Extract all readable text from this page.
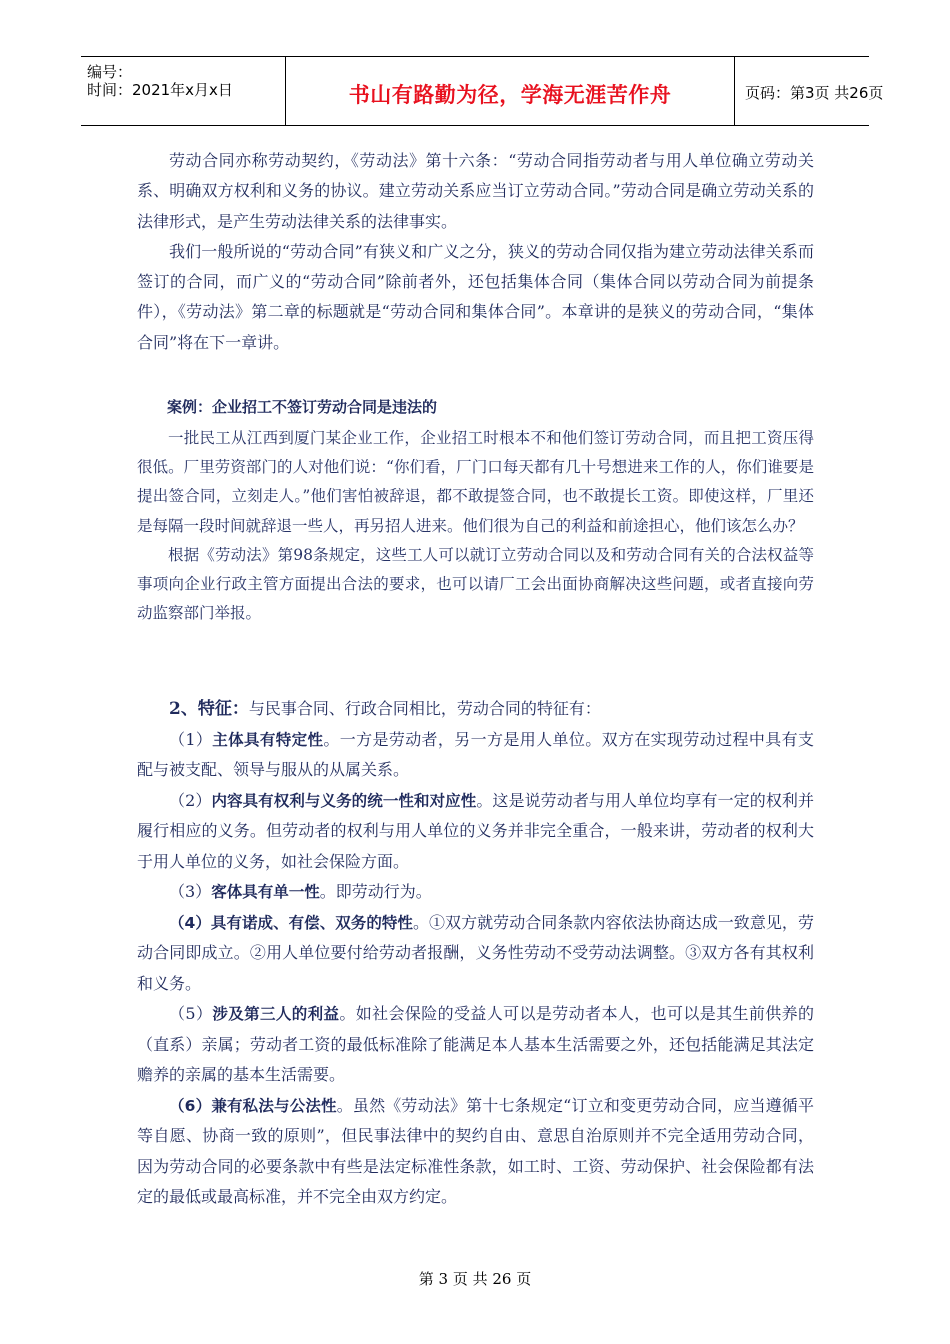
编号：
时间：2021年x月x日	书山有路勤为径，学海无涯苦作舟	页码：第3页 共26页

劳动合同亦称劳动契约，《劳动法》第十六条：“劳动合同指劳动者与用人单位确立劳动关系、明确双方权利和义务的协议。建立劳动关系应当订立劳动合同。”劳动合同是确立劳动关系的法律形式，是产生劳动法律关系的法律事实。

我们一般所说的“劳动合同”有狭义和广义之分，狭义的劳动合同仅指为建立劳动法律关系而签订的合同，而广义的“劳动合同”除前者外，还包括集体合同（集体合同以劳动合同为前提条件），《劳动法》第二章的标题就是“劳动合同和集体合同”。本章讲的是狭义的劳动合同，“集体合同”将在下一章讲。

案例：企业招工不签订劳动合同是违法的

一批民工从江西到厦门某企业工作，企业招工时根本不和他们签订劳动合同，而且把工资压得很低。厂里劳资部门的人对他们说：“你们看，厂门口每天都有几十号想进来工作的人，你们谁要是提出签合同，立刻走人。”他们害怕被辞退，都不敢提签合同，也不敢提长工资。即使这样，厂里还是每隔一段时间就辞退一些人，再另招人进来。他们很为自己的利益和前途担心，他们该怎么办？

根据《劳动法》第98条规定，这些工人可以就订立劳动合同以及和劳动合同有关的合法权益等事项向企业行政主管方面提出合法的要求，也可以请厂工会出面协商解决这些问题，或者直接向劳动监察部门举报。

2、特征：与民事合同、行政合同相比，劳动合同的特征有：

（1）主体具有特定性。一方是劳动者，另一方是用人单位。双方在实现劳动过程中具有支配与被支配、领导与服从的从属关系。

（2）内容具有权利与义务的统一性和对应性。这是说劳动者与用人单位均享有一定的权利并履行相应的义务。但劳动者的权利与用人单位的义务并非完全重合，一般来讲，劳动者的权利大于用人单位的义务，如社会保险方面。

（3）客体具有单一性。即劳动行为。

（4）具有诺成、有偿、双务的特性。①双方就劳动合同条款内容依法协商达成一致意见，劳动合同即成立。②用人单位要付给劳动者报酬，义务性劳动不受劳动法调整。③双方各有其权利和义务。

（5）涉及第三人的利益。如社会保险的受益人可以是劳动者本人，也可以是其生前供养的（直系）亲属；劳动者工资的最低标准除了能满足本人基本生活需要之外，还包括能满足其法定赡养的亲属的基本生活需要。

（6）兼有私法与公法性。虽然《劳动法》第十七条规定“订立和变更劳动合同，应当遵循平等自愿、协商一致的原则”，但民事法律中的契约自由、意思自治原则并不完全适用劳动合同，因为劳动合同的必要条款中有些是法定标准性条款，如工时、工资、劳动保护、社会保险都有法定的最低或最高标准，并不完全由双方约定。

第 3 页 共 26 页
